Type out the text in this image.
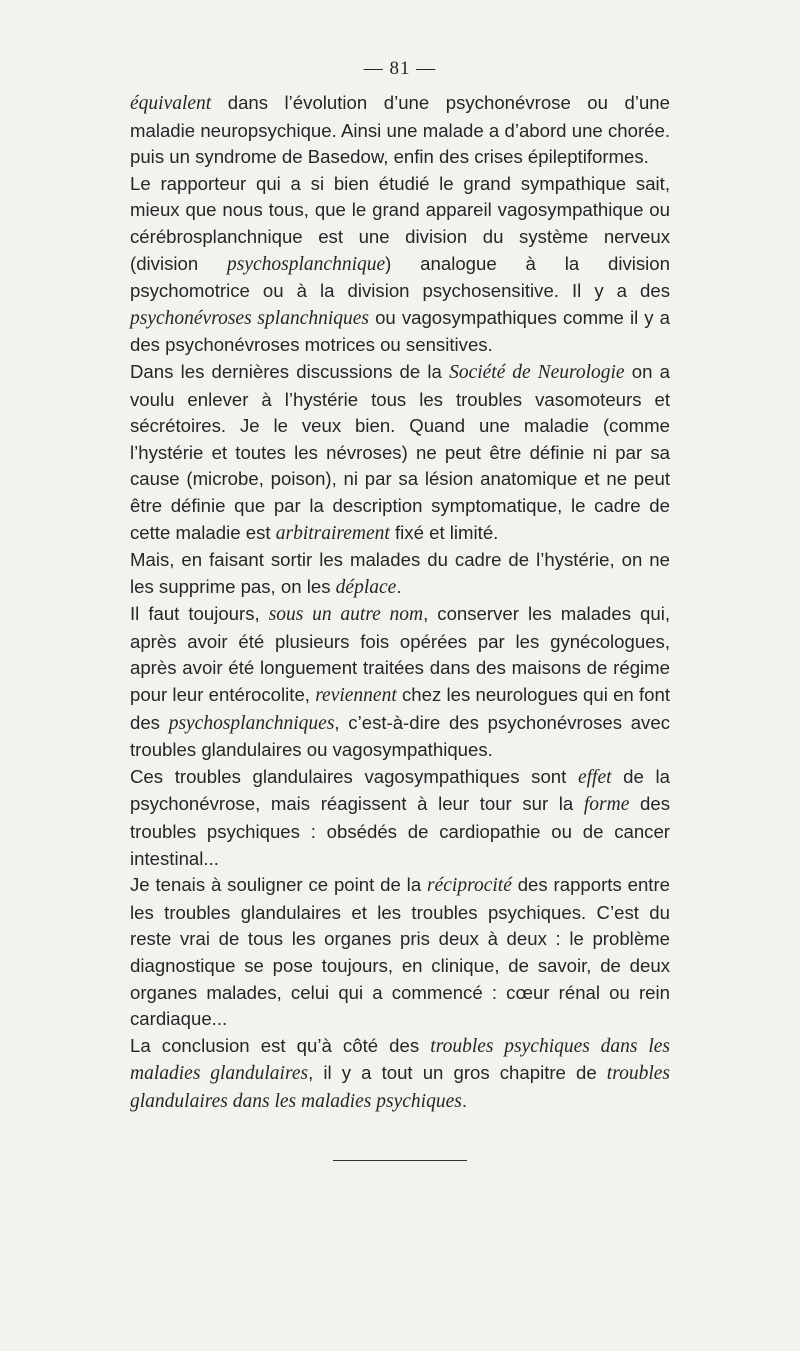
— 81 —

équivalent dans l’évolution d’une psychonévrose ou d’une maladie neuropsychique. Ainsi une malade a d’abord une chorée. puis un syndrome de Basedow, enfin des crises épileptiformes.

Le rapporteur qui a si bien étudié le grand sympathique sait, mieux que nous tous, que le grand appareil vagosympathique ou cérébrosplanchnique est une division du système nerveux (division psychosplanchnique) analogue à la division psychomotrice ou à la division psychosensitive. Il y a des psychonévroses splanchniques ou vagosympathiques comme il y a des psychonévroses motrices ou sensitives.

Dans les dernières discussions de la Société de Neurologie on a voulu enlever à l’hystérie tous les troubles vasomoteurs et sécrétoires. Je le veux bien. Quand une maladie (comme l’hystérie et toutes les névroses) ne peut être définie ni par sa cause (microbe, poison), ni par sa lésion anatomique et ne peut être définie que par la description symptomatique, le cadre de cette maladie est arbitrairement fixé et limité.

Mais, en faisant sortir les malades du cadre de l’hystérie, on ne les supprime pas, on les déplace.

Il faut toujours, sous un autre nom, conserver les malades qui, après avoir été plusieurs fois opérées par les gynécologues, après avoir été longuement traitées dans des maisons de régime pour leur entérocolite, reviennent chez les neurologues qui en font des psychosplanchniques, c’est-à-dire des psychonévroses avec troubles glandulaires ou vagosympathiques.

Ces troubles glandulaires vagosympathiques sont effet de la psychonévrose, mais réagissent à leur tour sur la forme des troubles psychiques : obsédés de cardiopathie ou de cancer intestinal...

Je tenais à souligner ce point de la réciprocité des rapports entre les troubles glandulaires et les troubles psychiques. C’est du reste vrai de tous les organes pris deux à deux : le problème diagnostique se pose toujours, en clinique, de savoir, de deux organes malades, celui qui a commencé : cœur rénal ou rein cardiaque...

La conclusion est qu’à côté des troubles psychiques dans les maladies glandulaires, il y a tout un gros chapitre de troubles glandulaires dans les maladies psychiques.
